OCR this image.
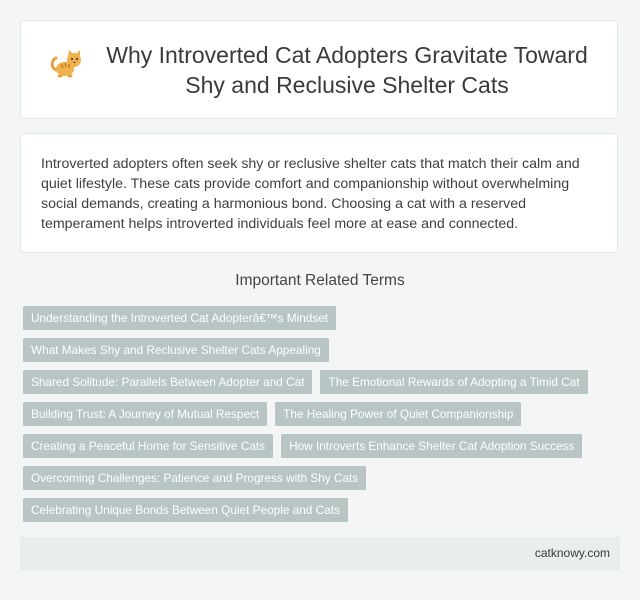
Why Introverted Cat Adopters Gravitate Toward
Shy and Reclusive Shelter Cats

Introverted adopters often seek shy or reclusive shelter cats that match their calm and quiet lifestyle. These cats provide comfort and companionship without overwhelming social demands, creating a harmonious bond. Choosing a cat with a reserved temperament helps introverted individuals feel more at ease and connected.

Important Related Terms
Understanding the Introverted Cat Adopterâ€™s Mindset
What Makes Shy and Reclusive Shelter Cats Appealing
Shared Solitude: Parallels Between Adopter and Cat	The Emotional Rewards of Adopting a Timid Cat
Building Trust: A Journey of Mutual Respect	The Healing Power of Quiet Companionship
Creating a Peaceful Home for Sensitive Cats	How Introverts Enhance Shelter Cat Adoption Success
Overcoming Challenges: Patience and Progress with Shy Cats
Celebrating Unique Bonds Between Quiet People and Cats
catknowy.com
